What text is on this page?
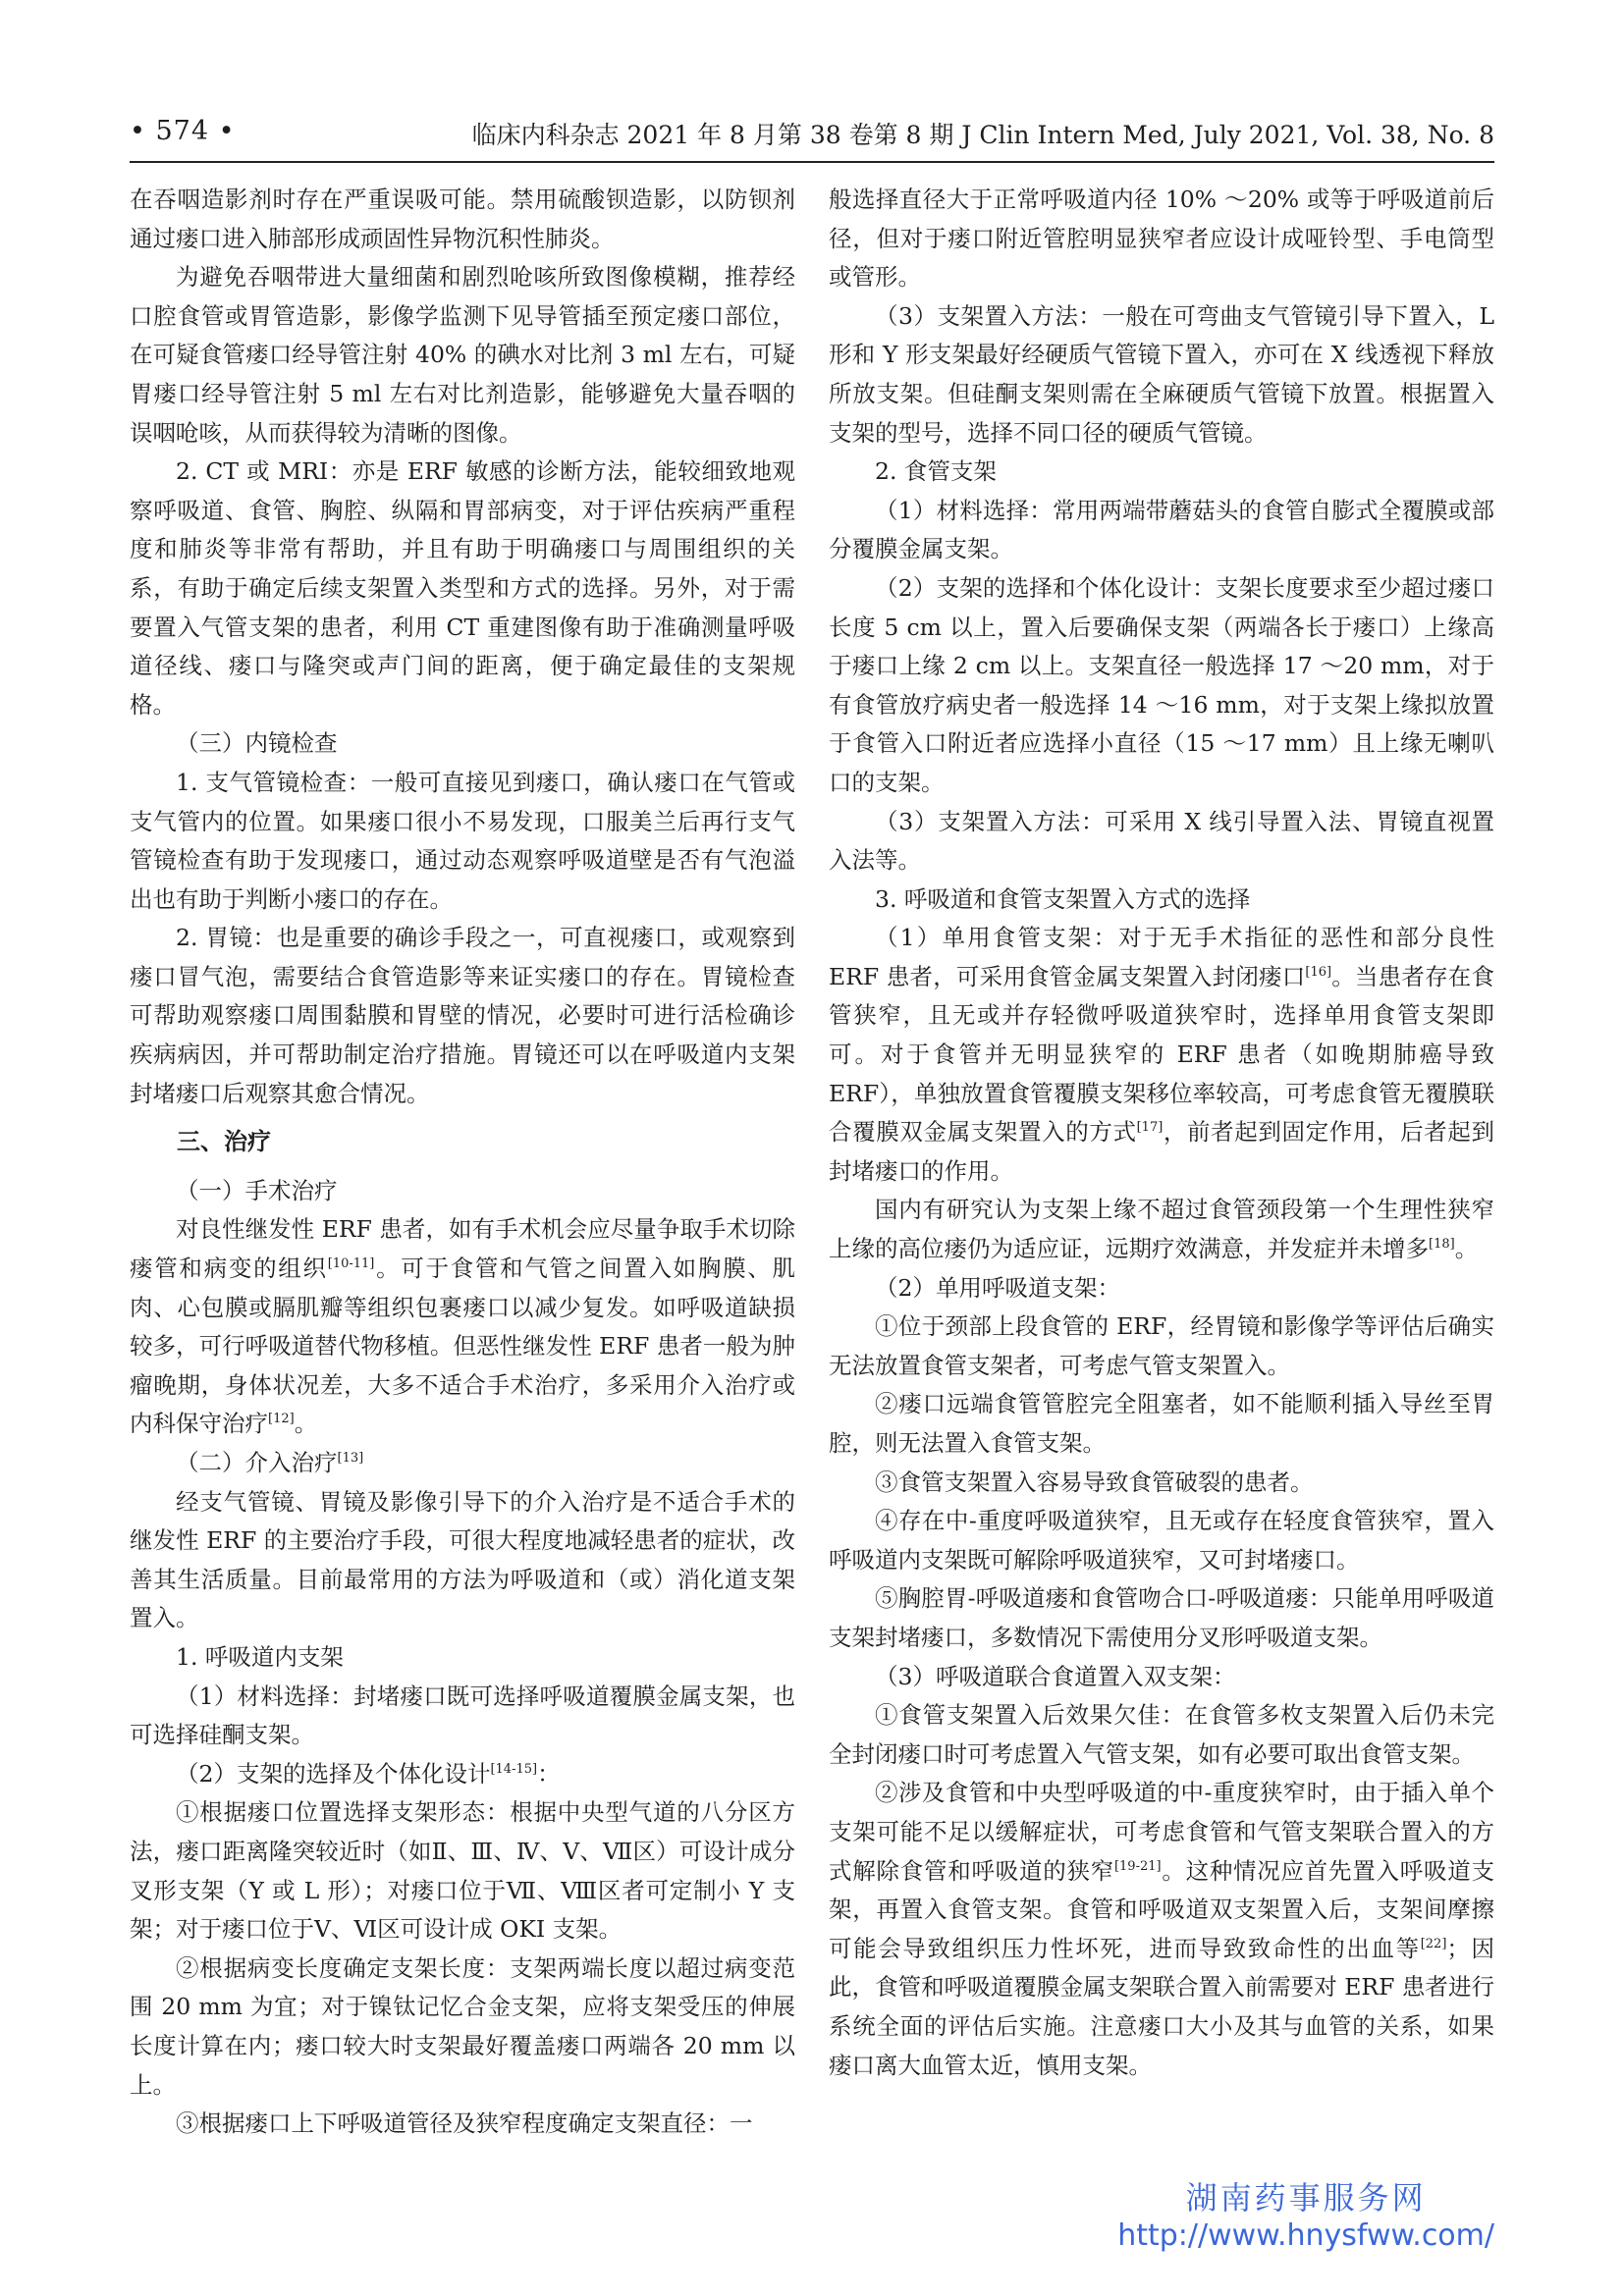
• 574 •	临床内科杂志 2021 年 8 月第 38 卷第 8 期 J Clin Intern Med, July 2021, Vol. 38, No. 8

在吞咽造影剂时存在严重误吸可能。禁用硫酸钡造影，以防钡剂通过瘘口进入肺部形成顽固性异物沉积性肺炎。

为避免吞咽带进大量细菌和剧烈呛咳所致图像模糊，推荐经口腔食管或胃管造影，影像学监测下见导管插至预定瘘口部位，在可疑食管瘘口经导管注射 40% 的碘水对比剂 3 ml 左右，可疑胃瘘口经导管注射 5 ml 左右对比剂造影，能够避免大量吞咽的误咽呛咳，从而获得较为清晰的图像。

2. CT 或 MRI：亦是 ERF 敏感的诊断方法，能较细致地观察呼吸道、食管、胸腔、纵隔和胃部病变，对于评估疾病严重程度和肺炎等非常有帮助，并且有助于明确瘘口与周围组织的关系，有助于确定后续支架置入类型和方式的选择。另外，对于需要置入气管支架的患者，利用 CT 重建图像有助于准确测量呼吸道径线、瘘口与隆突或声门间的距离，便于确定最佳的支架规格。

（三）内镜检查

1. 支气管镜检查：一般可直接见到瘘口，确认瘘口在气管或支气管内的位置。如果瘘口很小不易发现，口服美兰后再行支气管镜检查有助于发现瘘口，通过动态观察呼吸道壁是否有气泡溢出也有助于判断小瘘口的存在。

2. 胃镜：也是重要的确诊手段之一，可直视瘘口，或观察到瘘口冒气泡，需要结合食管造影等来证实瘘口的存在。胃镜检查可帮助观察瘘口周围黏膜和胃壁的情况，必要时可进行活检确诊疾病病因，并可帮助制定治疗措施。胃镜还可以在呼吸道内支架封堵瘘口后观察其愈合情况。

三、治疗

（一）手术治疗

对良性继发性 ERF 患者，如有手术机会应尽量争取手术切除瘘管和病变的组织[10-11]。可于食管和气管之间置入如胸膜、肌肉、心包膜或膈肌瓣等组织包裹瘘口以减少复发。如呼吸道缺损较多，可行呼吸道替代物移植。但恶性继发性 ERF 患者一般为肿瘤晚期，身体状况差，大多不适合手术治疗，多采用介入治疗或内科保守治疗[12]。

（二）介入治疗[13]

经支气管镜、胃镜及影像引导下的介入治疗是不适合手术的继发性 ERF 的主要治疗手段，可很大程度地减轻患者的症状，改善其生活质量。目前最常用的方法为呼吸道和（或）消化道支架置入。

1. 呼吸道内支架

（1）材料选择：封堵瘘口既可选择呼吸道覆膜金属支架，也可选择硅酮支架。

（2）支架的选择及个体化设计[14-15]：

①根据瘘口位置选择支架形态：根据中央型气道的八分区方法，瘘口距离隆突较近时（如Ⅱ、Ⅲ、Ⅳ、Ⅴ、Ⅶ区）可设计成分叉形支架（Y 或 L 形）；对瘘口位于Ⅶ、Ⅷ区者可定制小 Y 支架；对于瘘口位于Ⅴ、Ⅵ区可设计成 OKI 支架。

②根据病变长度确定支架长度：支架两端长度以超过病变范围 20 mm 为宜；对于镍钛记忆合金支架，应将支架受压的伸展长度计算在内；瘘口较大时支架最好覆盖瘘口两端各 20 mm 以上。

③根据瘘口上下呼吸道管径及狭窄程度确定支架直径：一

般选择直径大于正常呼吸道内径 10% ～20% 或等于呼吸道前后径，但对于瘘口附近管腔明显狭窄者应设计成哑铃型、手电筒型或管形。

（3）支架置入方法：一般在可弯曲支气管镜引导下置入，L 形和 Y 形支架最好经硬质气管镜下置入，亦可在 X 线透视下释放所放支架。但硅酮支架则需在全麻硬质气管镜下放置。根据置入支架的型号，选择不同口径的硬质气管镜。

2. 食管支架

（1）材料选择：常用两端带蘑菇头的食管自膨式全覆膜或部分覆膜金属支架。

（2）支架的选择和个体化设计：支架长度要求至少超过瘘口长度 5 cm 以上，置入后要确保支架（两端各长于瘘口）上缘高于瘘口上缘 2 cm 以上。支架直径一般选择 17 ～20 mm，对于有食管放疗病史者一般选择 14 ～16 mm，对于支架上缘拟放置于食管入口附近者应选择小直径（15 ～17 mm）且上缘无喇叭口的支架。

（3）支架置入方法：可采用 X 线引导置入法、胃镜直视置入法等。

3. 呼吸道和食管支架置入方式的选择

（1）单用食管支架：对于无手术指征的恶性和部分良性 ERF 患者，可采用食管金属支架置入封闭瘘口[16]。当患者存在食管狭窄，且无或并存轻微呼吸道狭窄时，选择单用食管支架即可。对于食管并无明显狭窄的 ERF 患者（如晚期肺癌导致 ERF），单独放置食管覆膜支架移位率较高，可考虑食管无覆膜联合覆膜双金属支架置入的方式[17]，前者起到固定作用，后者起到封堵瘘口的作用。

国内有研究认为支架上缘不超过食管颈段第一个生理性狭窄上缘的高位瘘仍为适应证，远期疗效满意，并发症并未增多[18]。

（2）单用呼吸道支架：

①位于颈部上段食管的 ERF，经胃镜和影像学等评估后确实无法放置食管支架者，可考虑气管支架置入。

②瘘口远端食管管腔完全阻塞者，如不能顺利插入导丝至胃腔，则无法置入食管支架。

③食管支架置入容易导致食管破裂的患者。

④存在中-重度呼吸道狭窄，且无或存在轻度食管狭窄，置入呼吸道内支架既可解除呼吸道狭窄，又可封堵瘘口。

⑤胸腔胃-呼吸道瘘和食管吻合口-呼吸道瘘：只能单用呼吸道支架封堵瘘口，多数情况下需使用分叉形呼吸道支架。

（3）呼吸道联合食道置入双支架：

①食管支架置入后效果欠佳：在食管多枚支架置入后仍未完全封闭瘘口时可考虑置入气管支架，如有必要可取出食管支架。

②涉及食管和中央型呼吸道的中-重度狭窄时，由于插入单个支架可能不足以缓解症状，可考虑食管和气管支架联合置入的方式解除食管和呼吸道的狭窄[19-21]。这种情况应首先置入呼吸道支架，再置入食管支架。食管和呼吸道双支架置入后，支架间摩擦可能会导致组织压力性坏死，进而导致致命性的出血等[22]；因此，食管和呼吸道覆膜金属支架联合置入前需要对 ERF 患者进行系统全面的评估后实施。注意瘘口大小及其与血管的关系，如果瘘口离大血管太近，慎用支架。

湖南药事服务网
http://www.hnysfww.com/
